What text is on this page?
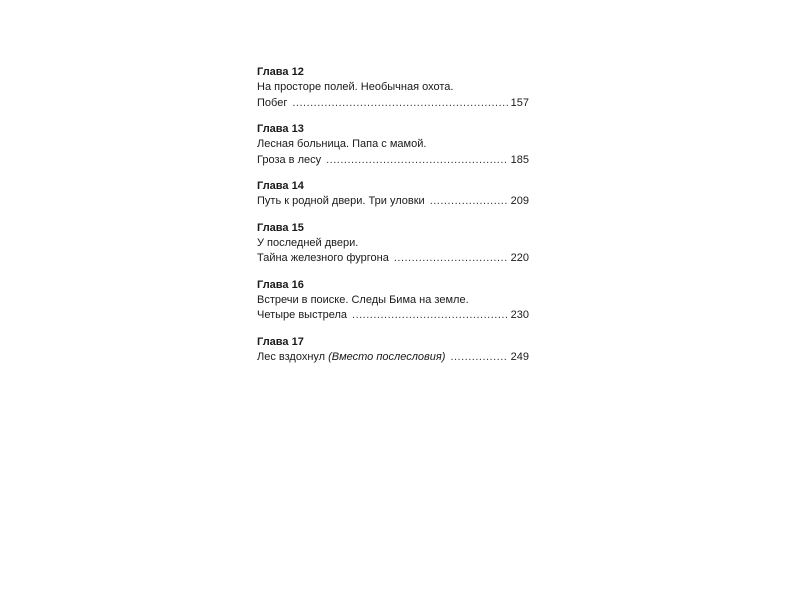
Глава 12
На просторе полей. Необычная охота.
Побег .....	157
Глава 13
Лесная больница. Папа с мамой.
Гроза в лесу .....	185
Глава 14
Путь к родной двери. Три уловки .....	209
Глава 15
У последней двери.
Тайна железного фургона .....	220
Глава 16
Встречи в поиске. Следы Бима на земле.
Четыре выстрела .....	230
Глава 17
Лес вздохнул (Вместо послесловия) .....	249
